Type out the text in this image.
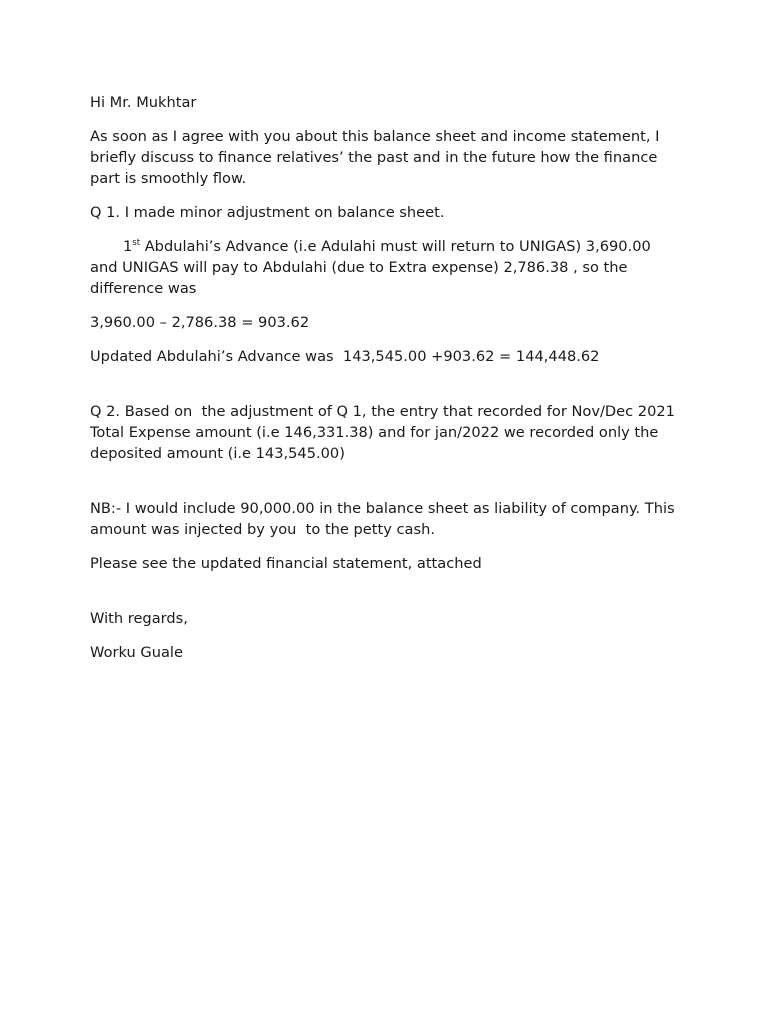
Hi Mr. Mukhtar

As soon as I agree with you about this balance sheet and income statement, I briefly discuss to finance relatives’ the past and in the future how the finance part is smoothly flow.

Q 1. I made minor adjustment on balance sheet.

1st Abdulahi’s Advance (i.e Adulahi must will return to UNIGAS) 3,690.00  and UNIGAS will pay to Abdulahi (due to Extra expense) 2,786.38 , so the difference was

3,960.00 – 2,786.38 = 903.62

Updated Abdulahi’s Advance was  143,545.00 +903.62 = 144,448.62

Q 2. Based on  the adjustment of Q 1, the entry that recorded for Nov/Dec 2021 Total Expense amount (i.e 146,331.38) and for jan/2022 we recorded only the deposited amount (i.e 143,545.00)

NB:- I would include 90,000.00 in the balance sheet as liability of company. This amount was injected by you  to the petty cash.

Please see the updated financial statement, attached

With regards,

Worku Guale
